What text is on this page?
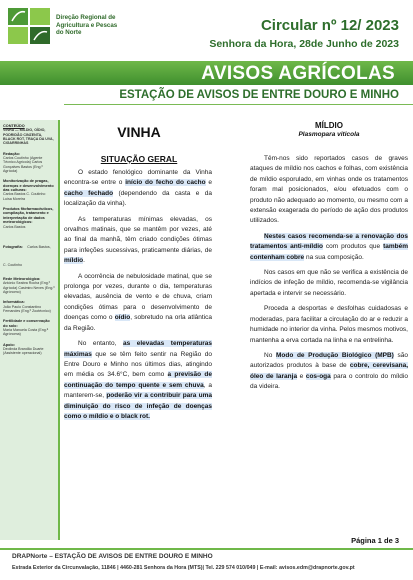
Direção Regional de Agricultura e Pescas do Norte	Circular nº 12/ 2023
Senhora da Hora, 28de Junho de 2023
AVISOS AGRÍCOLAS
ESTAÇÃO DE AVISOS DE ENTRE DOURO E MINHO
CONTEÚDO
VINHA — MÍLDIO, OÍDIO, PODRIDÃO CINZENTA, BLACK ROT, TRAÇA DA UVA, CIGARRINHAS
Redação:
Carlos Coutinho (Agente Técnico Agrícola) Carlos Gonçalves Bastos (Eng.º Agrícola)
Monitorização de pragas, doenças e desenvolvimento das culturas:
Carlos Bastos C. Coutinho Luísa Moreira
Produtos fitofarmacêuticos, compilação, tratamento e interpretação de dados meteorológicos:
Carlos Bastos
Fotografia: Carlos Bastos, C. Coutinho
Rede Meteorológica:
António Seabra Rocha (Eng.º Agrícola) Casimiro Neves (Eng.º Agrónomo)
Informática:
João Paulo Constantino Fernandes (Eng.º Zootécnico)
Fertilidade e conservação do solo:
Maria Manuela Costa (Eng.ª Agrónoma)
Apoio:
Deolinda Brandão Duarte (Assistente operacional)
VINHA
SITUAÇÃO GERAL

O estado fenológico dominante da Vinha encontra-se entre o início do fecho do cacho e cacho fechado (dependendo da casta e da localização da vinha).

As temperaturas mínimas elevadas, os orvalhos matinais, que se mantêm por vezes, até ao final da manhã, têm criado condições ótimas para infeções sucessivas, praticamente diárias, de míldio.

A ocorrência de nebulosidade matinal, que se prolonga por vezes, durante o dia, temperaturas elevadas, ausência de vento e de chuva, criam condições ótimas para o desenvolvimento de doenças como o oídio, sobretudo na orla atlântica da Região.

No entanto, as elevadas temperaturas máximas que se têm feito sentir na Região do Entre Douro e Minho nos últimos dias, atingindo em média os 34.6°C, bem como a previsão de continuação do tempo quente e sem chuva, a manterem-se, poderão vir a contribuir para uma diminuição do risco de infeção de doenças como o míldio e o black rot.

MÍLDIO
Plasmopara viticola

Têm-nos sido reportados casos de graves ataques de míldio nos cachos e folhas, com existência de míldio esporulado, em vinhas onde os tratamentos foram mal posicionados, e/ou efetuados com o produto não adequado ao momento, ou mesmo com a extensão exagerada do período de ação dos produtos utilizados.

Nestes casos recomenda-se a renovação dos tratamentos anti-míldio com produtos que também contenham cobre na sua composição.

Nos casos em que não se verifica a existência de indícios de infeção de míldio, recomenda-se vigilância apertada e intervir se necessário.

Proceda a desportas e desfolhas cuidadosas e moderadas, para facilitar a circulação do ar e reduzir a humidade no interior da vinha. Pelos mesmos motivos, mantenha a erva cortada na linha e na entrelinha.

No Modo de Produção Biológico (MPB) são autorizados produtos à base de cobre, cerevisana, óleo de laranja e cos-oga para o controlo do míldio da videira.

Página 1 de 3
DRAPNorte – ESTAÇÃO DE AVISOS DE ENTRE DOURO E MINHO
Estrada Exterior da Circunvalação, 11846 | 4460-281 Senhora da Hora (MTS)| Tel. 229 574 010/049 | E-mail: avisos.edm@drapnorte.gov.pt
